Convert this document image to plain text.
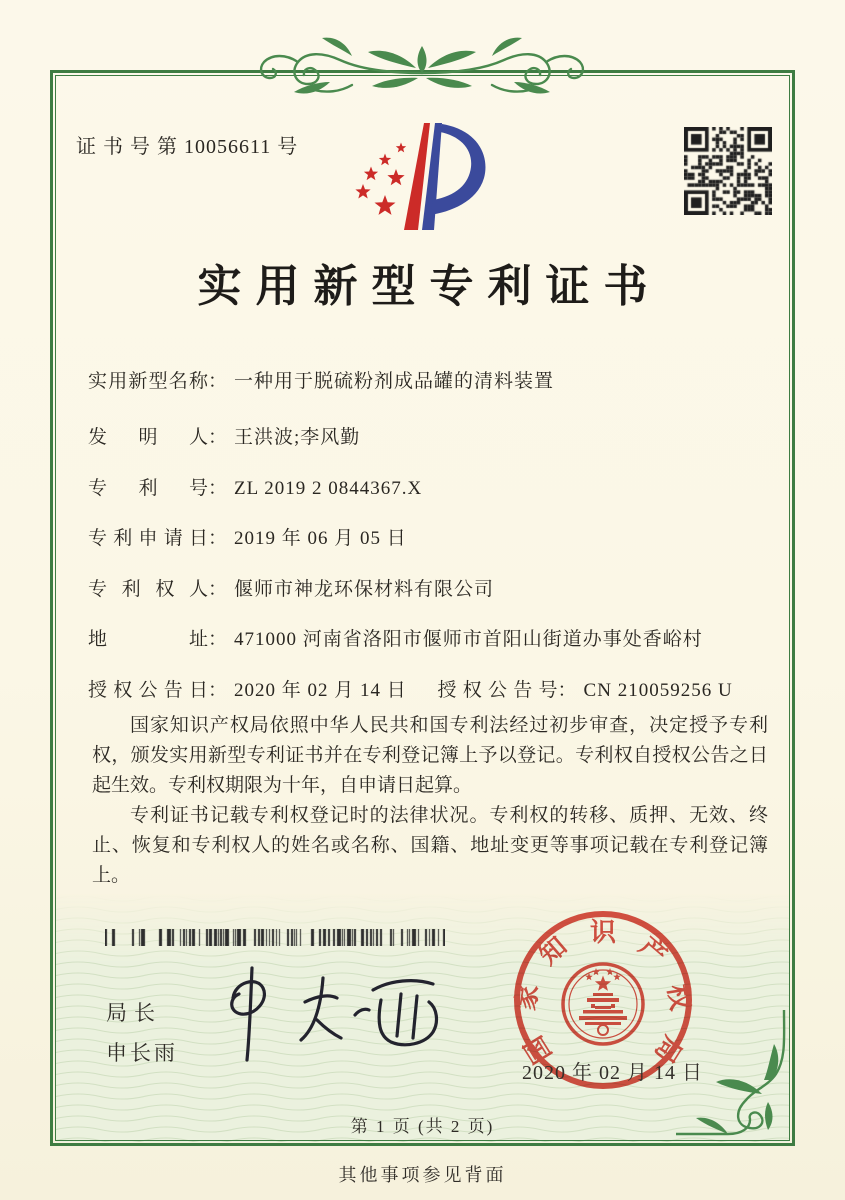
证 书 号 第 10056611 号
实用新型专利证书
实用新型名称： 一种用于脱硫粉剂成品罐的清料装置
发明人： 王洪波;李风勤
专利号： ZL 2019 2 0844367.X
专利申请日： 2019 年 06 月 05 日
专利权人： 偃师市神龙环保材料有限公司
地址： 471000 河南省洛阳市偃师市首阳山街道办事处香峪村
授权公告日： 2020 年 02 月 14 日 授权公告号： CN 210059256 U

国家知识产权局依照中华人民共和国专利法经过初步审查，决定授予专利权，颁发实用新型专利证书并在专利登记簿上予以登记。专利权自授权公告之日起生效。专利权期限为十年，自申请日起算。

专利证书记载专利权登记时的法律状况。专利权的转移、质押、无效、终止、恢复和专利权人的姓名或名称、国籍、地址变更等事项记载在专利登记簿上。

局长
申长雨	国
家
知 识 产
权
局
2020 年 02 月 14 日
第 1 页 (共 2 页)
其他事项参见背面
